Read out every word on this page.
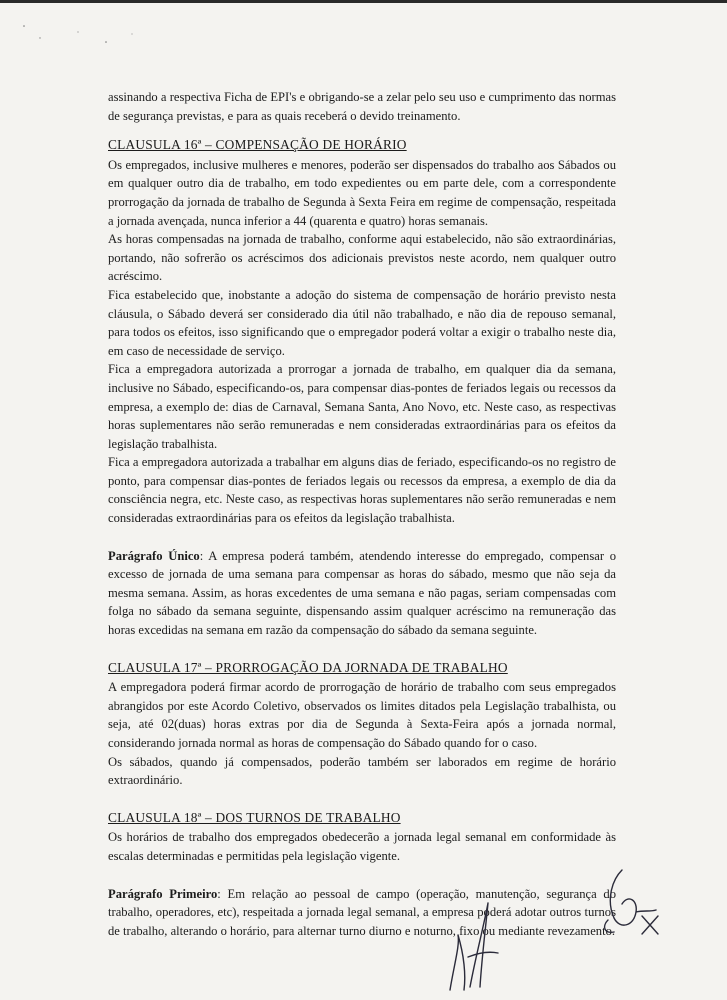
assinando a respectiva Ficha de EPI's e obrigando-se a zelar pelo seu uso e cumprimento das normas de segurança previstas, e para as quais receberá o devido treinamento.

CLAUSULA 16ª – COMPENSAÇÃO DE HORÁRIO

Os empregados, inclusive mulheres e menores, poderão ser dispensados do trabalho aos Sábados ou em qualquer outro dia de trabalho, em todo expedientes ou em parte dele, com a correspondente prorrogação da jornada de trabalho de Segunda à Sexta Feira em regime de compensação, respeitada a jornada avençada, nunca inferior a 44 (quarenta e quatro) horas semanais.

As horas compensadas na jornada de trabalho, conforme aqui estabelecido, não são extraordinárias, portando, não sofrerão os acréscimos dos adicionais previstos neste acordo, nem qualquer outro acréscimo.

Fica estabelecido que, inobstante a adoção do sistema de compensação de horário previsto nesta cláusula, o Sábado deverá ser considerado dia útil não trabalhado, e não dia de repouso semanal, para todos os efeitos, isso significando que o empregador poderá voltar a exigir o trabalho neste dia, em caso de necessidade de serviço.

Fica a empregadora autorizada a prorrogar a jornada de trabalho, em qualquer dia da semana, inclusive no Sábado, especificando-os, para compensar dias-pontes de feriados legais ou recessos da empresa, a exemplo de: dias de Carnaval, Semana Santa, Ano Novo, etc. Neste caso, as respectivas horas suplementares não serão remuneradas e nem consideradas extraordinárias para os efeitos da legislação trabalhista.

Fica a empregadora autorizada a trabalhar em alguns dias de feriado, especificando-os no registro de ponto, para compensar dias-pontes de feriados legais ou recessos da empresa, a exemplo de dia da consciência negra, etc. Neste caso, as respectivas horas suplementares não serão remuneradas e nem consideradas extraordinárias para os efeitos da legislação trabalhista.

Parágrafo Único: A empresa poderá também, atendendo interesse do empregado, compensar o excesso de jornada de uma semana para compensar as horas do sábado, mesmo que não seja da mesma semana. Assim, as horas excedentes de uma semana e não pagas, seriam compensadas com folga no sábado da semana seguinte, dispensando assim qualquer acréscimo na remuneração das horas excedidas na semana em razão da compensação do sábado da semana seguinte.

CLAUSULA 17ª – PRORROGAÇÃO DA JORNADA DE TRABALHO

A empregadora poderá firmar acordo de prorrogação de horário de trabalho com seus empregados abrangidos por este Acordo Coletivo, observados os limites ditados pela Legislação trabalhista, ou seja, até 02(duas) horas extras por dia de Segunda à Sexta-Feira após a jornada normal, considerando jornada normal as horas de compensação do Sábado quando for o caso.

Os sábados, quando já compensados, poderão também ser laborados em regime de horário extraordinário.

CLAUSULA 18ª – DOS TURNOS DE TRABALHO

Os horários de trabalho dos empregados obedecerão a jornada legal semanal em conformidade às escalas determinadas e permitidas pela legislação vigente.

Parágrafo Primeiro: Em relação ao pessoal de campo (operação, manutenção, segurança do trabalho, operadores, etc), respeitada a jornada legal semanal, a empresa poderá adotar outros turnos de trabalho, alterando o horário, para alternar turno diurno e noturno, fixo ou mediante revezamento.
